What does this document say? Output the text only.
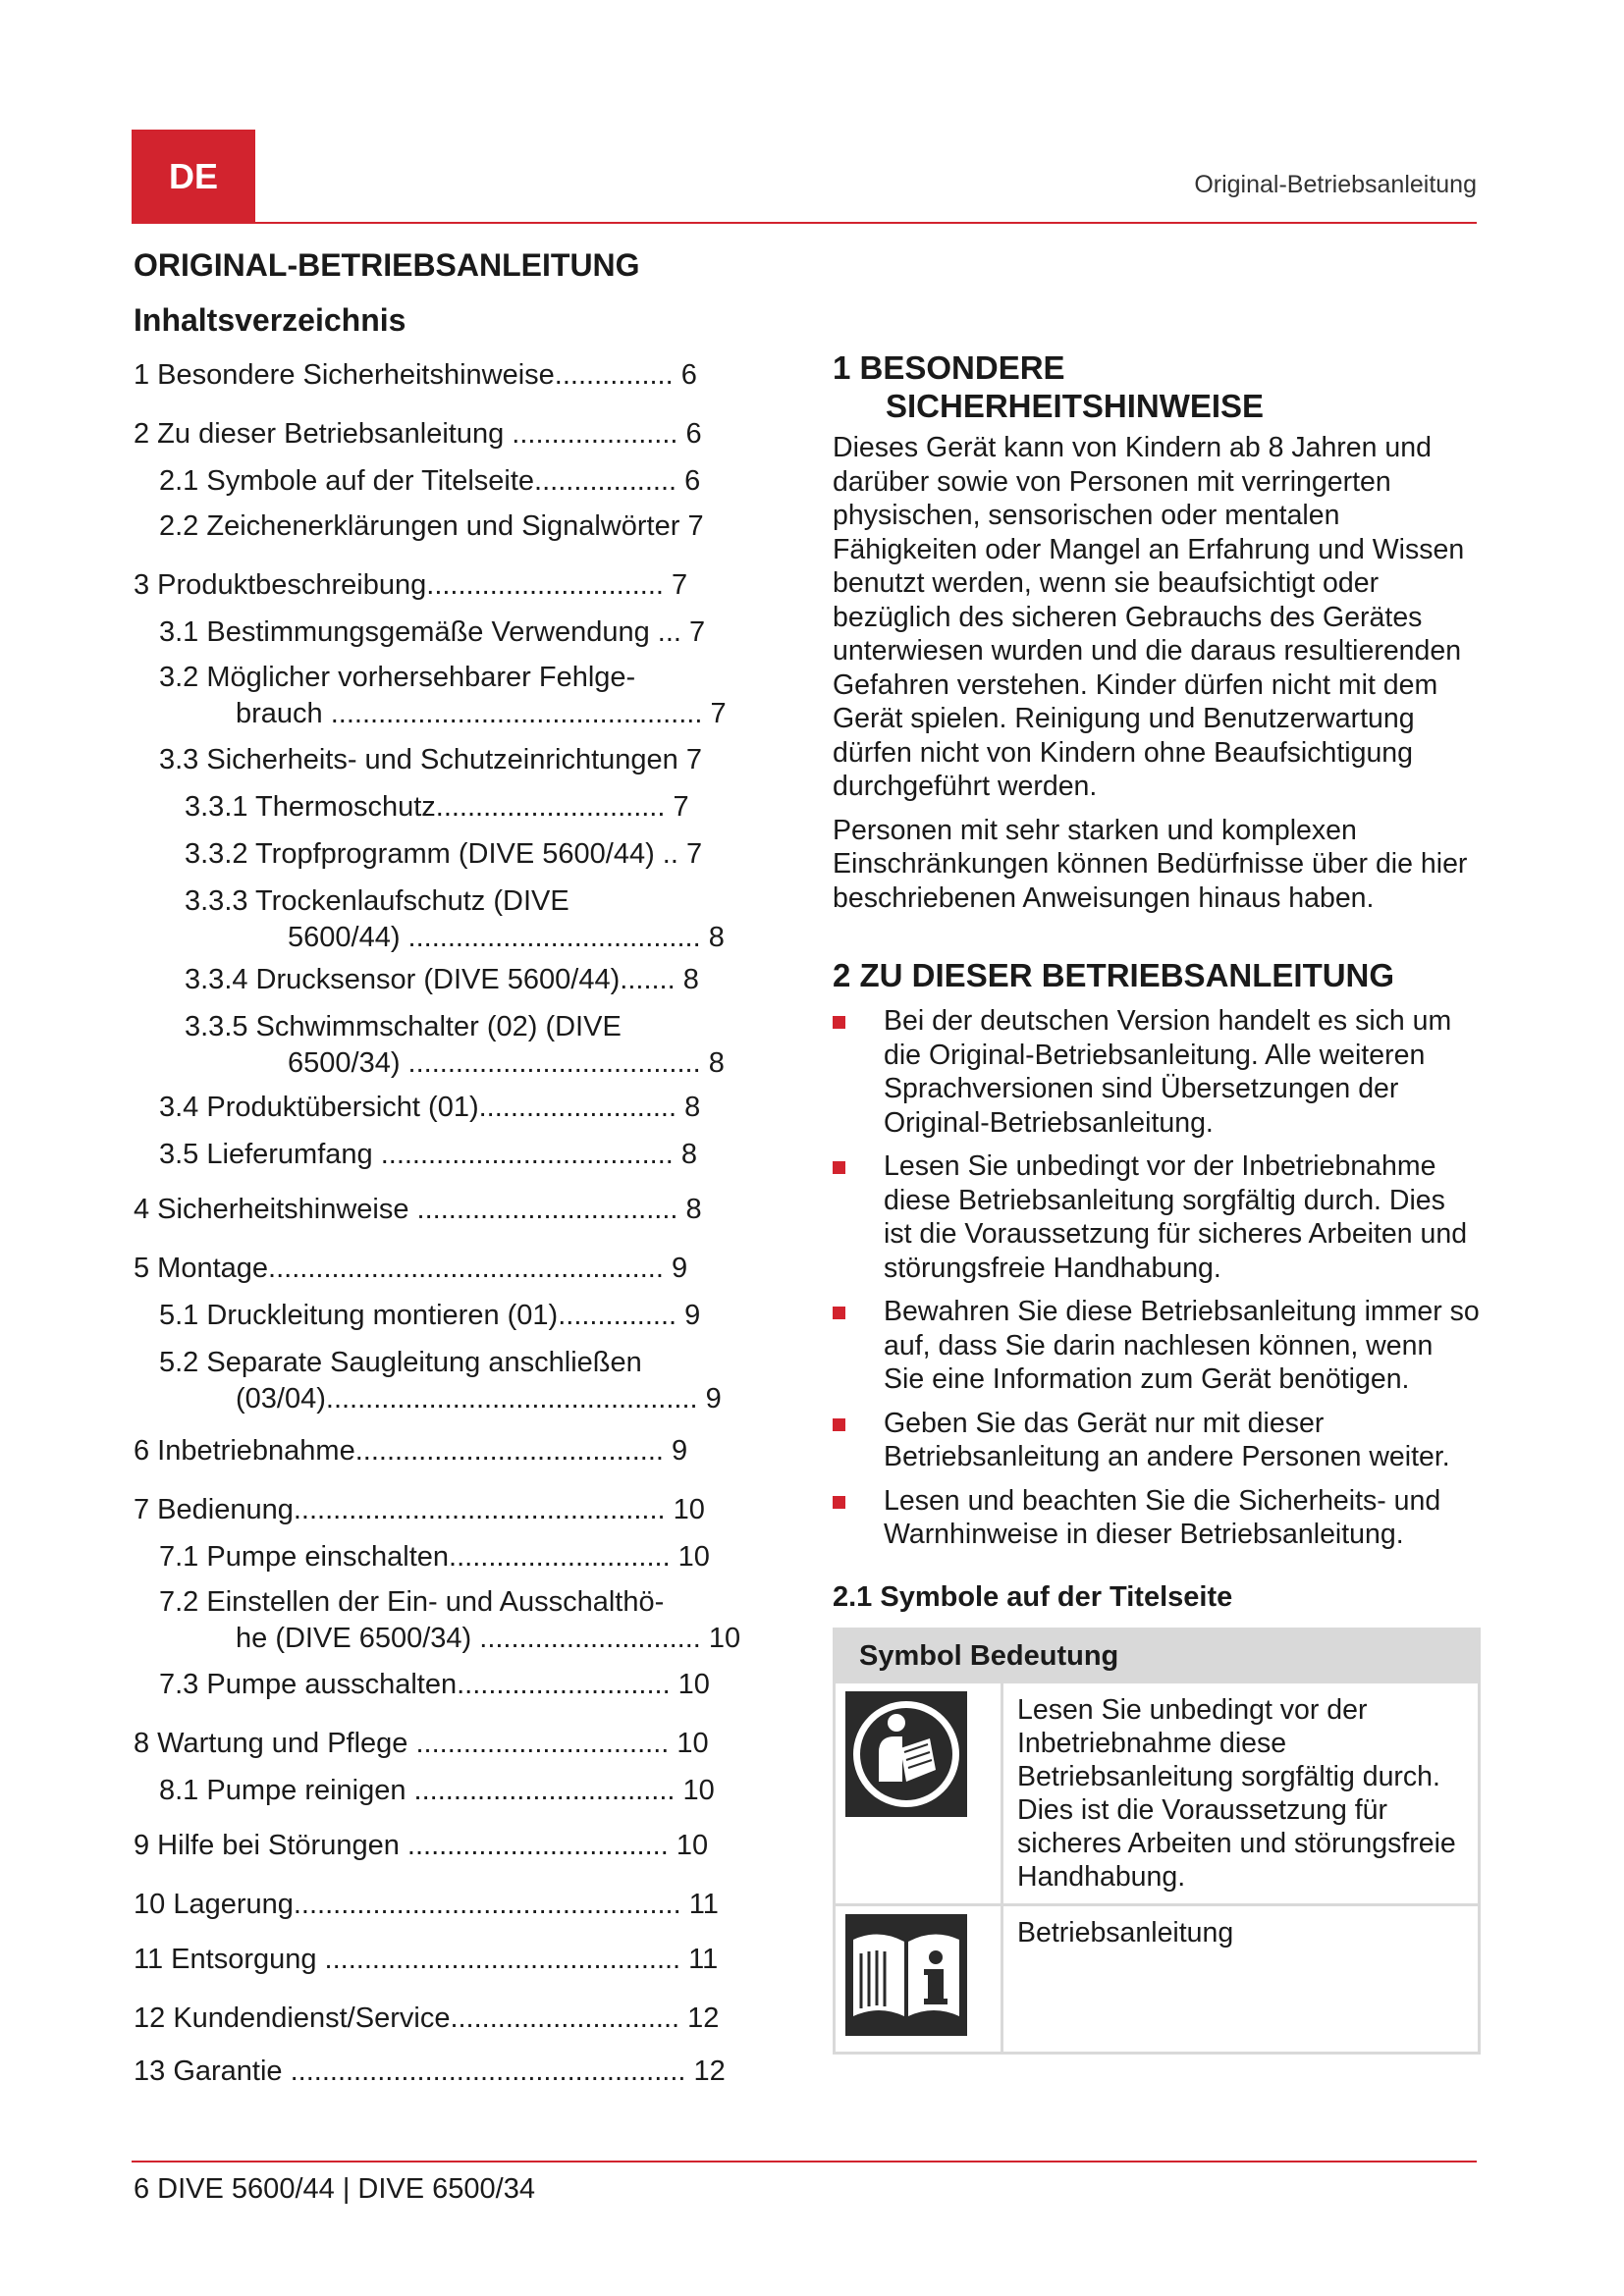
DE	Original-Betriebsanleitung
ORIGINAL-BETRIEBSANLEITUNG
Inhaltsverzeichnis
1 Besondere Sicherheitshinweise............... 6
2 Zu dieser Betriebsanleitung ..................... 6
2.1 Symbole auf der Titelseite.................. 6
2.2 Zeichenerklärungen und Signalwörter 7
3 Produktbeschreibung.............................. 7
3.1 Bestimmungsgemäße Verwendung ... 7
3.2 Möglicher vorhersehbarer Fehlge-
brauch ............................................... 7
3.3 Sicherheits- und Schutzeinrichtungen 7
3.3.1 Thermoschutz............................. 7
3.3.2 Tropfprogramm (DIVE 5600/44) .. 7
3.3.3 Trockenlaufschutz (DIVE
5600/44) ..................................... 8
3.3.4 Drucksensor (DIVE 5600/44)....... 8
3.3.5 Schwimmschalter (02) (DIVE
6500/34) ..................................... 8
3.4 Produktübersicht (01)......................... 8
3.5 Lieferumfang ..................................... 8
4 Sicherheitshinweise ................................. 8
5 Montage.................................................. 9
5.1 Druckleitung montieren (01)............... 9
5.2 Separate Saugleitung anschließen
(03/04)............................................... 9
6 Inbetriebnahme....................................... 9
7 Bedienung............................................... 10
7.1 Pumpe einschalten............................ 10
7.2 Einstellen der Ein- und Ausschalthö-
he (DIVE 6500/34) ............................ 10
7.3 Pumpe ausschalten........................... 10
8 Wartung und Pflege ................................ 10
8.1 Pumpe reinigen ................................. 10
9 Hilfe bei Störungen ................................. 10
10 Lagerung................................................. 11
11 Entsorgung ............................................. 11
12 Kundendienst/Service............................. 12
13 Garantie .................................................. 12
1 BESONDERE
SICHERHEITSHINWEISE

Dieses Gerät kann von Kindern ab 8 Jahren und darüber sowie von Personen mit verringerten physischen, sensorischen oder mentalen Fähigkeiten oder Mangel an Erfahrung und Wissen benutzt werden, wenn sie beaufsichtigt oder bezüglich des sicheren Gebrauchs des Gerätes unterwiesen wurden und die daraus resultierenden Gefahren verstehen. Kinder dürfen nicht mit dem Gerät spielen. Reinigung und Benutzerwartung dürfen nicht von Kindern ohne Beaufsichtigung durchgeführt werden.

Personen mit sehr starken und komplexen Einschränkungen können Bedürfnisse über die hier beschriebenen Anweisungen hinaus haben.

2 ZU DIESER BETRIEBSANLEITUNG
Bei der deutschen Version handelt es sich um die Original-Betriebsanleitung. Alle weiteren Sprachversionen sind Übersetzungen der Original-Betriebsanleitung.
Lesen Sie unbedingt vor der Inbetriebnahme diese Betriebsanleitung sorgfältig durch. Dies ist die Voraussetzung für sicheres Arbeiten und störungsfreie Handhabung.
Bewahren Sie diese Betriebsanleitung immer so auf, dass Sie darin nachlesen können, wenn Sie eine Information zum Gerät benötigen.
Geben Sie das Gerät nur mit dieser Betriebsanleitung an andere Personen weiter.
Lesen und beachten Sie die Sicherheits- und Warnhinweise in dieser Betriebsanleitung.
2.1 Symbole auf der Titelseite
Symbol Bedeutung	
	Lesen Sie unbedingt vor der Inbetriebnahme diese Betriebsanleitung sorgfältig durch. Dies ist die Voraussetzung für sicheres Arbeiten und störungsfreie Handhabung.
	Betriebsanleitung
6 DIVE 5600/44 | DIVE 6500/34
